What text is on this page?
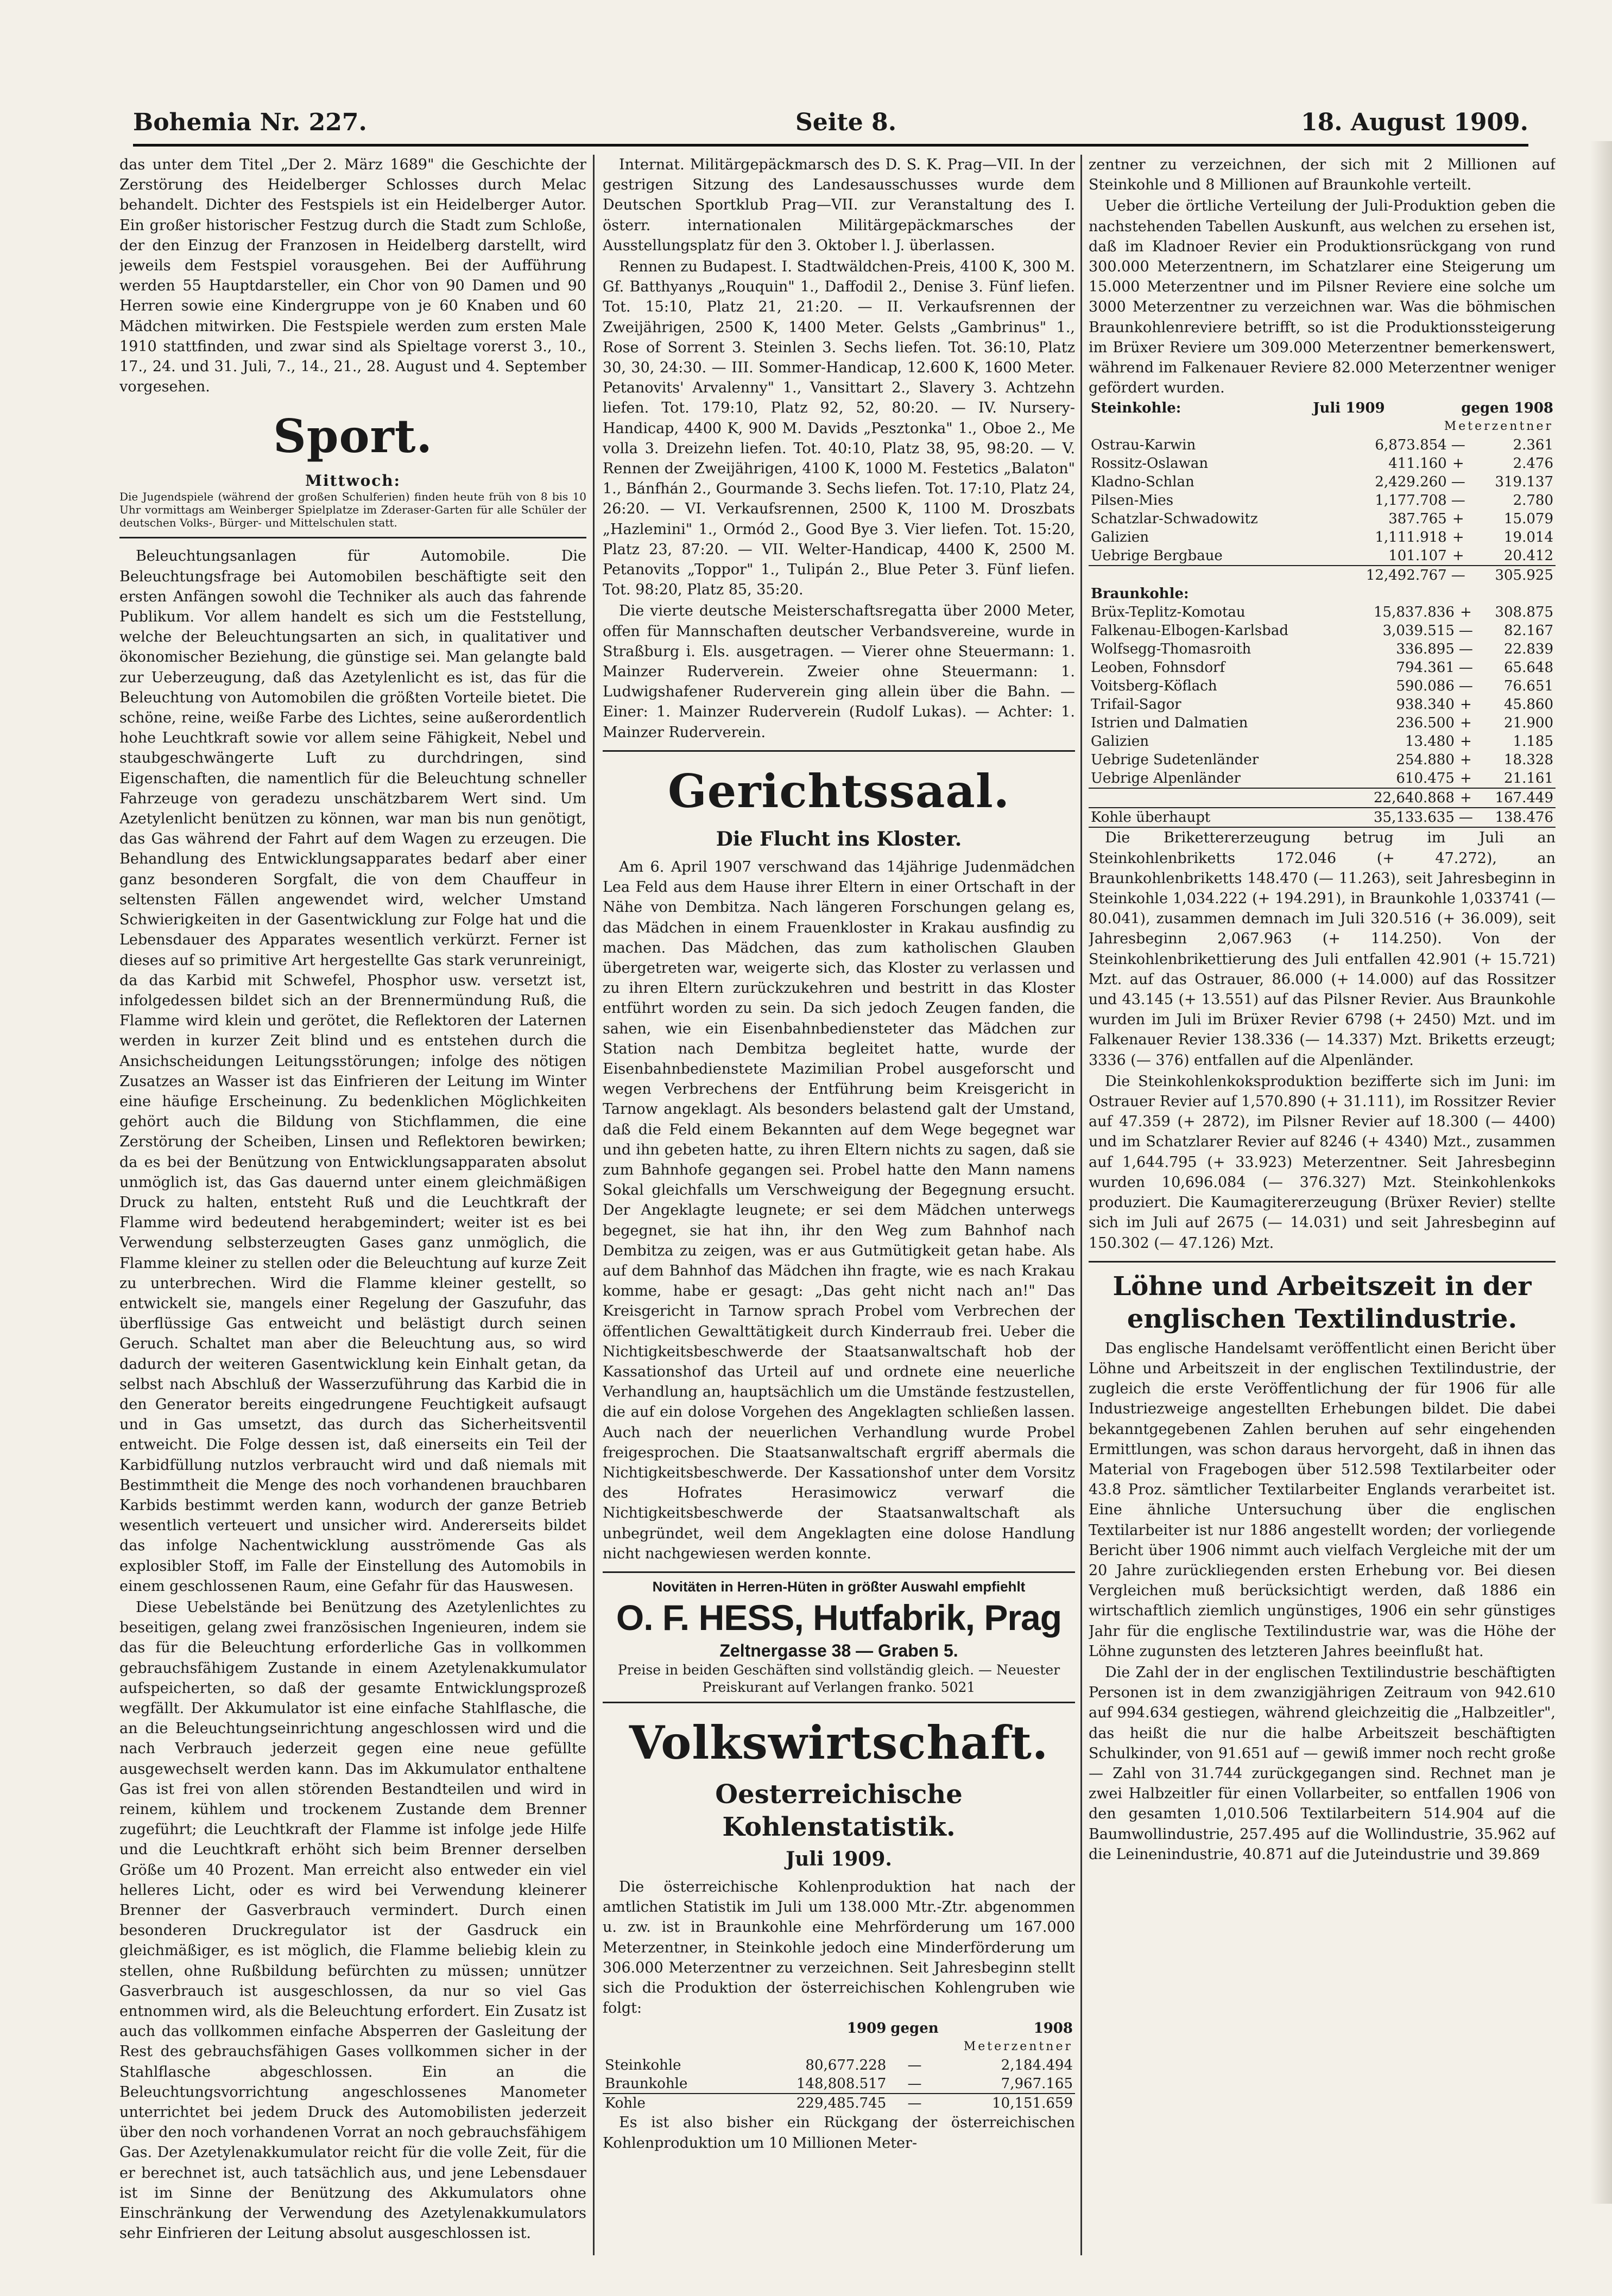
Bohemia Nr. 227.	Seite 8.	18. August 1909.

das unter dem Titel „Der 2. März 1689" die Geschichte der Zerstörung des Heidelberger Schlosses durch Melac behandelt. Dichter des Festspiels ist ein Heidelberger Autor. Ein großer historischer Festzug durch die Stadt zum Schloße, der den Einzug der Franzosen in Heidelberg darstellt, wird jeweils dem Festspiel vorausgehen. Bei der Aufführung werden 55 Hauptdarsteller, ein Chor von 90 Damen und 90 Herren sowie eine Kindergruppe von je 60 Knaben und 60 Mädchen mitwirken. Die Festspiele werden zum ersten Male 1910 stattfinden, und zwar sind als Spieltage vorerst 3., 10., 17., 24. und 31. Juli, 7., 14., 21., 28. August und 4. September vorgesehen.

Sport.
Mittwoch:

Die Jugendspiele (während der großen Schulferien) finden heute früh von 8 bis 10 Uhr vormittags am Weinberger Spielplatze im Zderaser-Garten für alle Schüler der deutschen Volks-, Bürger- und Mittelschulen statt.

Beleuchtungsanlagen für Automobile. Die Beleuchtungsfrage bei Automobilen beschäftigte seit den ersten Anfängen sowohl die Techniker als auch das fahrende Publikum. Vor allem handelt es sich um die Feststellung, welche der Beleuchtungsarten an sich, in qualitativer und ökonomischer Beziehung, die günstige sei. Man gelangte bald zur Ueberzeugung, daß das Azetylenlicht es ist, das für die Beleuchtung von Automobilen die größten Vorteile bietet. Die schöne, reine, weiße Farbe des Lichtes, seine außerordentlich hohe Leuchtkraft sowie vor allem seine Fähigkeit, Nebel und staubgeschwängerte Luft zu durchdringen, sind Eigenschaften, die namentlich für die Beleuchtung schneller Fahrzeuge von geradezu unschätzbarem Wert sind. Um Azetylenlicht benützen zu können, war man bis nun genötigt, das Gas während der Fahrt auf dem Wagen zu erzeugen. Die Behandlung des Entwicklungsapparates bedarf aber einer ganz besonderen Sorgfalt, die von dem Chauffeur in seltensten Fällen angewendet wird, welcher Umstand Schwierigkeiten in der Gasentwicklung zur Folge hat und die Lebensdauer des Apparates wesentlich verkürzt. Ferner ist dieses auf so primitive Art hergestellte Gas stark verunreinigt, da das Karbid mit Schwefel, Phosphor usw. versetzt ist, infolgedessen bildet sich an der Brennermündung Ruß, die Flamme wird klein und gerötet, die Reflektoren der Laternen werden in kurzer Zeit blind und es entstehen durch die Ansichscheidungen Leitungsstörungen; infolge des nötigen Zusatzes an Wasser ist das Einfrieren der Leitung im Winter eine häufige Erscheinung. Zu bedenklichen Möglichkeiten gehört auch die Bildung von Stichflammen, die eine Zerstörung der Scheiben, Linsen und Reflektoren bewirken; da es bei der Benützung von Entwicklungsapparaten absolut unmöglich ist, das Gas dauernd unter einem gleichmäßigen Druck zu halten, entsteht Ruß und die Leuchtkraft der Flamme wird bedeutend herabgemindert; weiter ist es bei Verwendung selbsterzeugten Gases ganz unmöglich, die Flamme kleiner zu stellen oder die Beleuchtung auf kurze Zeit zu unterbrechen. Wird die Flamme kleiner gestellt, so entwickelt sie, mangels einer Regelung der Gaszufuhr, das überflüssige Gas entweicht und belästigt durch seinen Geruch. Schaltet man aber die Beleuchtung aus, so wird dadurch der weiteren Gasentwicklung kein Einhalt getan, da selbst nach Abschluß der Wasserzuführung das Karbid die in den Generator bereits eingedrungene Feuchtigkeit aufsaugt und in Gas umsetzt, das durch das Sicherheitsventil entweicht. Die Folge dessen ist, daß einerseits ein Teil der Karbidfüllung nutzlos verbraucht wird und daß niemals mit Bestimmtheit die Menge des noch vorhandenen brauchbaren Karbids bestimmt werden kann, wodurch der ganze Betrieb wesentlich verteuert und unsicher wird. Andererseits bildet das infolge Nachentwicklung ausströmende Gas als explosibler Stoff, im Falle der Einstellung des Automobils in einem geschlossenen Raum, eine Gefahr für das Hauswesen.

Diese Uebelstände bei Benützung des Azetylenlichtes zu beseitigen, gelang zwei französischen Ingenieuren, indem sie das für die Beleuchtung erforderliche Gas in vollkommen gebrauchsfähigem Zustande in einem Azetylenakkumulator aufspeicherten, so daß der gesamte Entwicklungsprozeß wegfällt. Der Akkumulator ist eine einfache Stahlflasche, die an die Beleuchtungseinrichtung angeschlossen wird und die nach Verbrauch jederzeit gegen eine neue gefüllte ausgewechselt werden kann. Das im Akkumulator enthaltene Gas ist frei von allen störenden Bestandteilen und wird in reinem, kühlem und trockenem Zustande dem Brenner zugeführt; die Leuchtkraft der Flamme ist infolge jede Hilfe und die Leuchtkraft erhöht sich beim Brenner derselben Größe um 40 Prozent. Man erreicht also entweder ein viel helleres Licht, oder es wird bei Verwendung kleinerer Brenner der Gasverbrauch vermindert. Durch einen besonderen Druckregulator ist der Gasdruck ein gleichmäßiger, es ist möglich, die Flamme beliebig klein zu stellen, ohne Rußbildung befürchten zu müssen; unnützer Gasverbrauch ist ausgeschlossen, da nur so viel Gas entnommen wird, als die Beleuchtung erfordert. Ein Zusatz ist auch das vollkommen einfache Absperren der Gasleitung der Rest des gebrauchsfähigen Gases vollkommen sicher in der Stahlflasche abgeschlossen. Ein an die Beleuchtungsvorrichtung angeschlossenes Manometer unterrichtet bei jedem Druck des Automobilisten jederzeit über den noch vorhandenen Vorrat an noch gebrauchsfähigem Gas. Der Azetylenakkumulator reicht für die volle Zeit, für die er berechnet ist, auch tatsächlich aus, und jene Lebensdauer ist im Sinne der Benützung des Akkumulators ohne Einschränkung der Verwendung des Azetylenakkumulators sehr Einfrieren der Leitung absolut ausgeschlossen ist.

Internat. Militärgepäckmarsch des D. S. K. Prag—VII. In der gestrigen Sitzung des Landesausschusses wurde dem Deutschen Sportklub Prag—VII. zur Veranstaltung des I. österr. internationalen Militärgepäckmarsches der Ausstellungsplatz für den 3. Oktober l. J. überlassen.

Rennen zu Budapest. I. Stadtwäldchen-Preis, 4100 K, 300 M. Gf. Batthyanys „Rouquin" 1., Daffodil 2., Denise 3. Fünf liefen. Tot. 15:10, Platz 21, 21:20. — II. Verkaufsrennen der Zweijährigen, 2500 K, 1400 Meter. Gelsts „Gambrinus" 1., Rose of Sorrent 3. Steinlen 3. Sechs liefen. Tot. 36:10, Platz 30, 30, 24:30. — III. Sommer-Handicap, 12.600 K, 1600 Meter. Petanovits' Arvalenny" 1., Vansittart 2., Slavery 3. Achtzehn liefen. Tot. 179:10, Platz 92, 52, 80:20. — IV. Nursery-Handicap, 4400 K, 900 M. Davids „Pesztonka" 1., Oboe 2., Me volla 3. Dreizehn liefen. Tot. 40:10, Platz 38, 95, 98:20. — V. Rennen der Zweijährigen, 4100 K, 1000 M. Festetics „Balaton" 1., Bánfhán 2., Gourmande 3. Sechs liefen. Tot. 17:10, Platz 24, 26:20. — VI. Verkaufsrennen, 2500 K, 1100 M. Droszbats „Hazlemini" 1., Ormód 2., Good Bye 3. Vier liefen. Tot. 15:20, Platz 23, 87:20. — VII. Welter-Handicap, 4400 K, 2500 M. Petanovits „Toppor" 1., Tulipán 2., Blue Peter 3. Fünf liefen. Tot. 98:20, Platz 85, 35:20.

Die vierte deutsche Meisterschaftsregatta über 2000 Meter, offen für Mannschaften deutscher Verbandsvereine, wurde in Straßburg i. Els. ausgetragen. — Vierer ohne Steuermann: 1. Mainzer Ruderverein. Zweier ohne Steuermann: 1. Ludwigshafener Ruderverein ging allein über die Bahn. — Einer: 1. Mainzer Ruderverein (Rudolf Lukas). — Achter: 1. Mainzer Ruderverein.

Gerichtssaal.
Die Flucht ins Kloster.

Am 6. April 1907 verschwand das 14jährige Judenmädchen Lea Feld aus dem Hause ihrer Eltern in einer Ortschaft in der Nähe von Dembitza. Nach längeren Forschungen gelang es, das Mädchen in einem Frauenkloster in Krakau ausfindig zu machen. Das Mädchen, das zum katholischen Glauben übergetreten war, weigerte sich, das Kloster zu verlassen und zu ihren Eltern zurückzukehren und bestritt in das Kloster entführt worden zu sein. Da sich jedoch Zeugen fanden, die sahen, wie ein Eisenbahnbediensteter das Mädchen zur Station nach Dembitza begleitet hatte, wurde der Eisenbahnbedienstete Mazimilian Probel ausgeforscht und wegen Verbrechens der Entführung beim Kreisgericht in Tarnow angeklagt. Als besonders belastend galt der Umstand, daß die Feld einem Bekannten auf dem Wege begegnet war und ihn gebeten hatte, zu ihren Eltern nichts zu sagen, daß sie zum Bahnhofe gegangen sei. Probel hatte den Mann namens Sokal gleichfalls um Verschweigung der Begegnung ersucht. Der Angeklagte leugnete; er sei dem Mädchen unterwegs begegnet, sie hat ihn, ihr den Weg zum Bahnhof nach Dembitza zu zeigen, was er aus Gutmütigkeit getan habe. Als auf dem Bahnhof das Mädchen ihn fragte, wie es nach Krakau komme, habe er gesagt: „Das geht nicht nach an!" Das Kreisgericht in Tarnow sprach Probel vom Verbrechen der öffentlichen Gewalttätigkeit durch Kinderraub frei. Ueber die Nichtigkeitsbeschwerde der Staatsanwaltschaft hob der Kassationshof das Urteil auf und ordnete eine neuerliche Verhandlung an, hauptsächlich um die Umstände festzustellen, die auf ein dolose Vorgehen des Angeklagten schließen lassen. Auch nach der neuerlichen Verhandlung wurde Probel freigesprochen. Die Staatsanwaltschaft ergriff abermals die Nichtigkeitsbeschwerde. Der Kassationshof unter dem Vorsitz des Hofrates Herasimowicz verwarf die Nichtigkeitsbeschwerde der Staatsanwaltschaft als unbegründet, weil dem Angeklagten eine dolose Handlung nicht nachgewiesen werden konnte.

Novitäten in Herren-Hüten in größter Auswahl empfiehlt
O. F. HESS, Hutfabrik, Prag
Zeltnergasse 38 — Graben 5.
Preise in beiden Geschäften sind vollständig gleich. — Neuester Preiskurant auf Verlangen franko. 5021
Volkswirtschaft.
Oesterreichische Kohlenstatistik.
Juli 1909.

Die österreichische Kohlenproduktion hat nach der amtlichen Statistik im Juli um 138.000 Mtr.-Ztr. abgenommen u. zw. ist in Braunkohle eine Mehrförderung um 167.000 Meterzentner, in Steinkohle jedoch eine Minderförderung um 306.000 Meterzentner zu verzeichnen. Seit Jahresbeginn stellt sich die Produktion der österreichischen Kohlengruben wie folgt:

	1909	gegen	1908
Meterzentner			
Steinkohle	80,677.228	—	2,184.494
Braunkohle	148,808.517	—	7,967.165
Kohle	229,485.745	—	10,151.659

Es ist also bisher ein Rückgang der österreichischen Kohlenproduktion um 10 Millionen Meter-

zentner zu verzeichnen, der sich mit 2 Millionen auf Steinkohle und 8 Millionen auf Braunkohle verteilt.

Ueber die örtliche Verteilung der Juli-Produktion geben die nachstehenden Tabellen Auskunft, aus welchen zu ersehen ist, daß im Kladnoer Revier ein Produktionsrückgang von rund 300.000 Meterzentnern, im Schatzlarer eine Steigerung um 15.000 Meterzentner und im Pilsner Reviere eine solche um 3000 Meterzentner zu verzeichnen war. Was die böhmischen Braunkohlenreviere betrifft, so ist die Produktionssteigerung im Brüxer Reviere um 309.000 Meterzentner bemerkenswert, während im Falkenauer Reviere 82.000 Meterzentner weniger gefördert wurden.

Steinkohle:	Juli 1909	gegen 1908
Meterzentner
Ostrau-Karwin	6,873.854	—	2.361
Rossitz-Oslawan	411.160	+	2.476
Kladno-Schlan	2,429.260	—	319.137
Pilsen-Mies	1,177.708	—	2.780
Schatzlar-Schwadowitz	387.765	+	15.079
Galizien	1,111.918	+	19.014
Uebrige Bergbaue	101.107	+	20.412
	12,492.767	—	305.925
Braunkohle:
Brüx-Teplitz-Komotau	15,837.836	+	308.875
Falkenau-Elbogen-Karlsbad	3,039.515	—	82.167
Wolfsegg-Thomasroith	336.895	—	22.839
Leoben, Fohnsdorf	794.361	—	65.648
Voitsberg-Köflach	590.086	—	76.651
Trifail-Sagor	938.340	+	45.860
Istrien und Dalmatien	236.500	+	21.900
Galizien	13.480	+	1.185
Uebrige Sudetenländer	254.880	+	18.328
Uebrige Alpenländer	610.475	+	21.161
	22,640.868	+	167.449
Kohle überhaupt	35,133.635	—	138.476

Die Brikettererzeugung betrug im Juli an Steinkohlenbriketts 172.046 (+ 47.272), an Braunkohlenbriketts 148.470 (— 11.263), seit Jahresbeginn in Steinkohle 1,034.222 (+ 194.291), in Braunkohle 1,033741 (— 80.041), zusammen demnach im Juli 320.516 (+ 36.009), seit Jahresbeginn 2,067.963 (+ 114.250). Von der Steinkohlenbrikettierung des Juli entfallen 42.901 (+ 15.721) Mzt. auf das Ostrauer, 86.000 (+ 14.000) auf das Rossitzer und 43.145 (+ 13.551) auf das Pilsner Revier. Aus Braunkohle wurden im Juli im Brüxer Revier 6798 (+ 2450) Mzt. und im Falkenauer Revier 138.336 (— 14.337) Mzt. Briketts erzeugt; 3336 (— 376) entfallen auf die Alpenländer.

Die Steinkohlenkoksproduktion bezifferte sich im Juni: im Ostrauer Revier auf 1,570.890 (+ 31.111), im Rossitzer Revier auf 47.359 (+ 2872), im Pilsner Revier auf 18.300 (— 4400) und im Schatzlarer Revier auf 8246 (+ 4340) Mzt., zusammen auf 1,644.795 (+ 33.923) Meterzentner. Seit Jahresbeginn wurden 10,696.084 (— 376.327) Mzt. Steinkohlenkoks produziert. Die Kaumagitererzeugung (Brüxer Revier) stellte sich im Juli auf 2675 (— 14.031) und seit Jahresbeginn auf 150.302 (— 47.126) Mzt.

Löhne und Arbeitszeit in der englischen Textilindustrie.

Das englische Handelsamt veröffentlicht einen Bericht über Löhne und Arbeitszeit in der englischen Textilindustrie, der zugleich die erste Veröffentlichung der für 1906 für alle Industriezweige angestellten Erhebungen bildet. Die dabei bekanntgegebenen Zahlen beruhen auf sehr eingehenden Ermittlungen, was schon daraus hervorgeht, daß in ihnen das Material von Fragebogen über 512.598 Textilarbeiter oder 43.8 Proz. sämtlicher Textilarbeiter Englands verarbeitet ist. Eine ähnliche Untersuchung über die englischen Textilarbeiter ist nur 1886 angestellt worden; der vorliegende Bericht über 1906 nimmt auch vielfach Vergleiche mit der um 20 Jahre zurückliegenden ersten Erhebung vor. Bei diesen Vergleichen muß berücksichtigt werden, daß 1886 ein wirtschaftlich ziemlich ungünstiges, 1906 ein sehr günstiges Jahr für die englische Textilindustrie war, was die Höhe der Löhne zugunsten des letzteren Jahres beeinflußt hat.

Die Zahl der in der englischen Textilindustrie beschäftigten Personen ist in dem zwanzigjährigen Zeitraum von 942.610 auf 994.634 gestiegen, während gleichzeitig die „Halbzeitler", das heißt die nur die halbe Arbeitszeit beschäftigten Schulkinder, von 91.651 auf — gewiß immer noch recht große — Zahl von 31.744 zurückgegangen sind. Rechnet man je zwei Halbzeitler für einen Vollarbeiter, so entfallen 1906 von den gesamten 1,010.506 Textilarbeitern 514.904 auf die Baumwollindustrie, 257.495 auf die Wollindustrie, 35.962 auf die Leinenindustrie, 40.871 auf die Juteindustrie und 39.869
